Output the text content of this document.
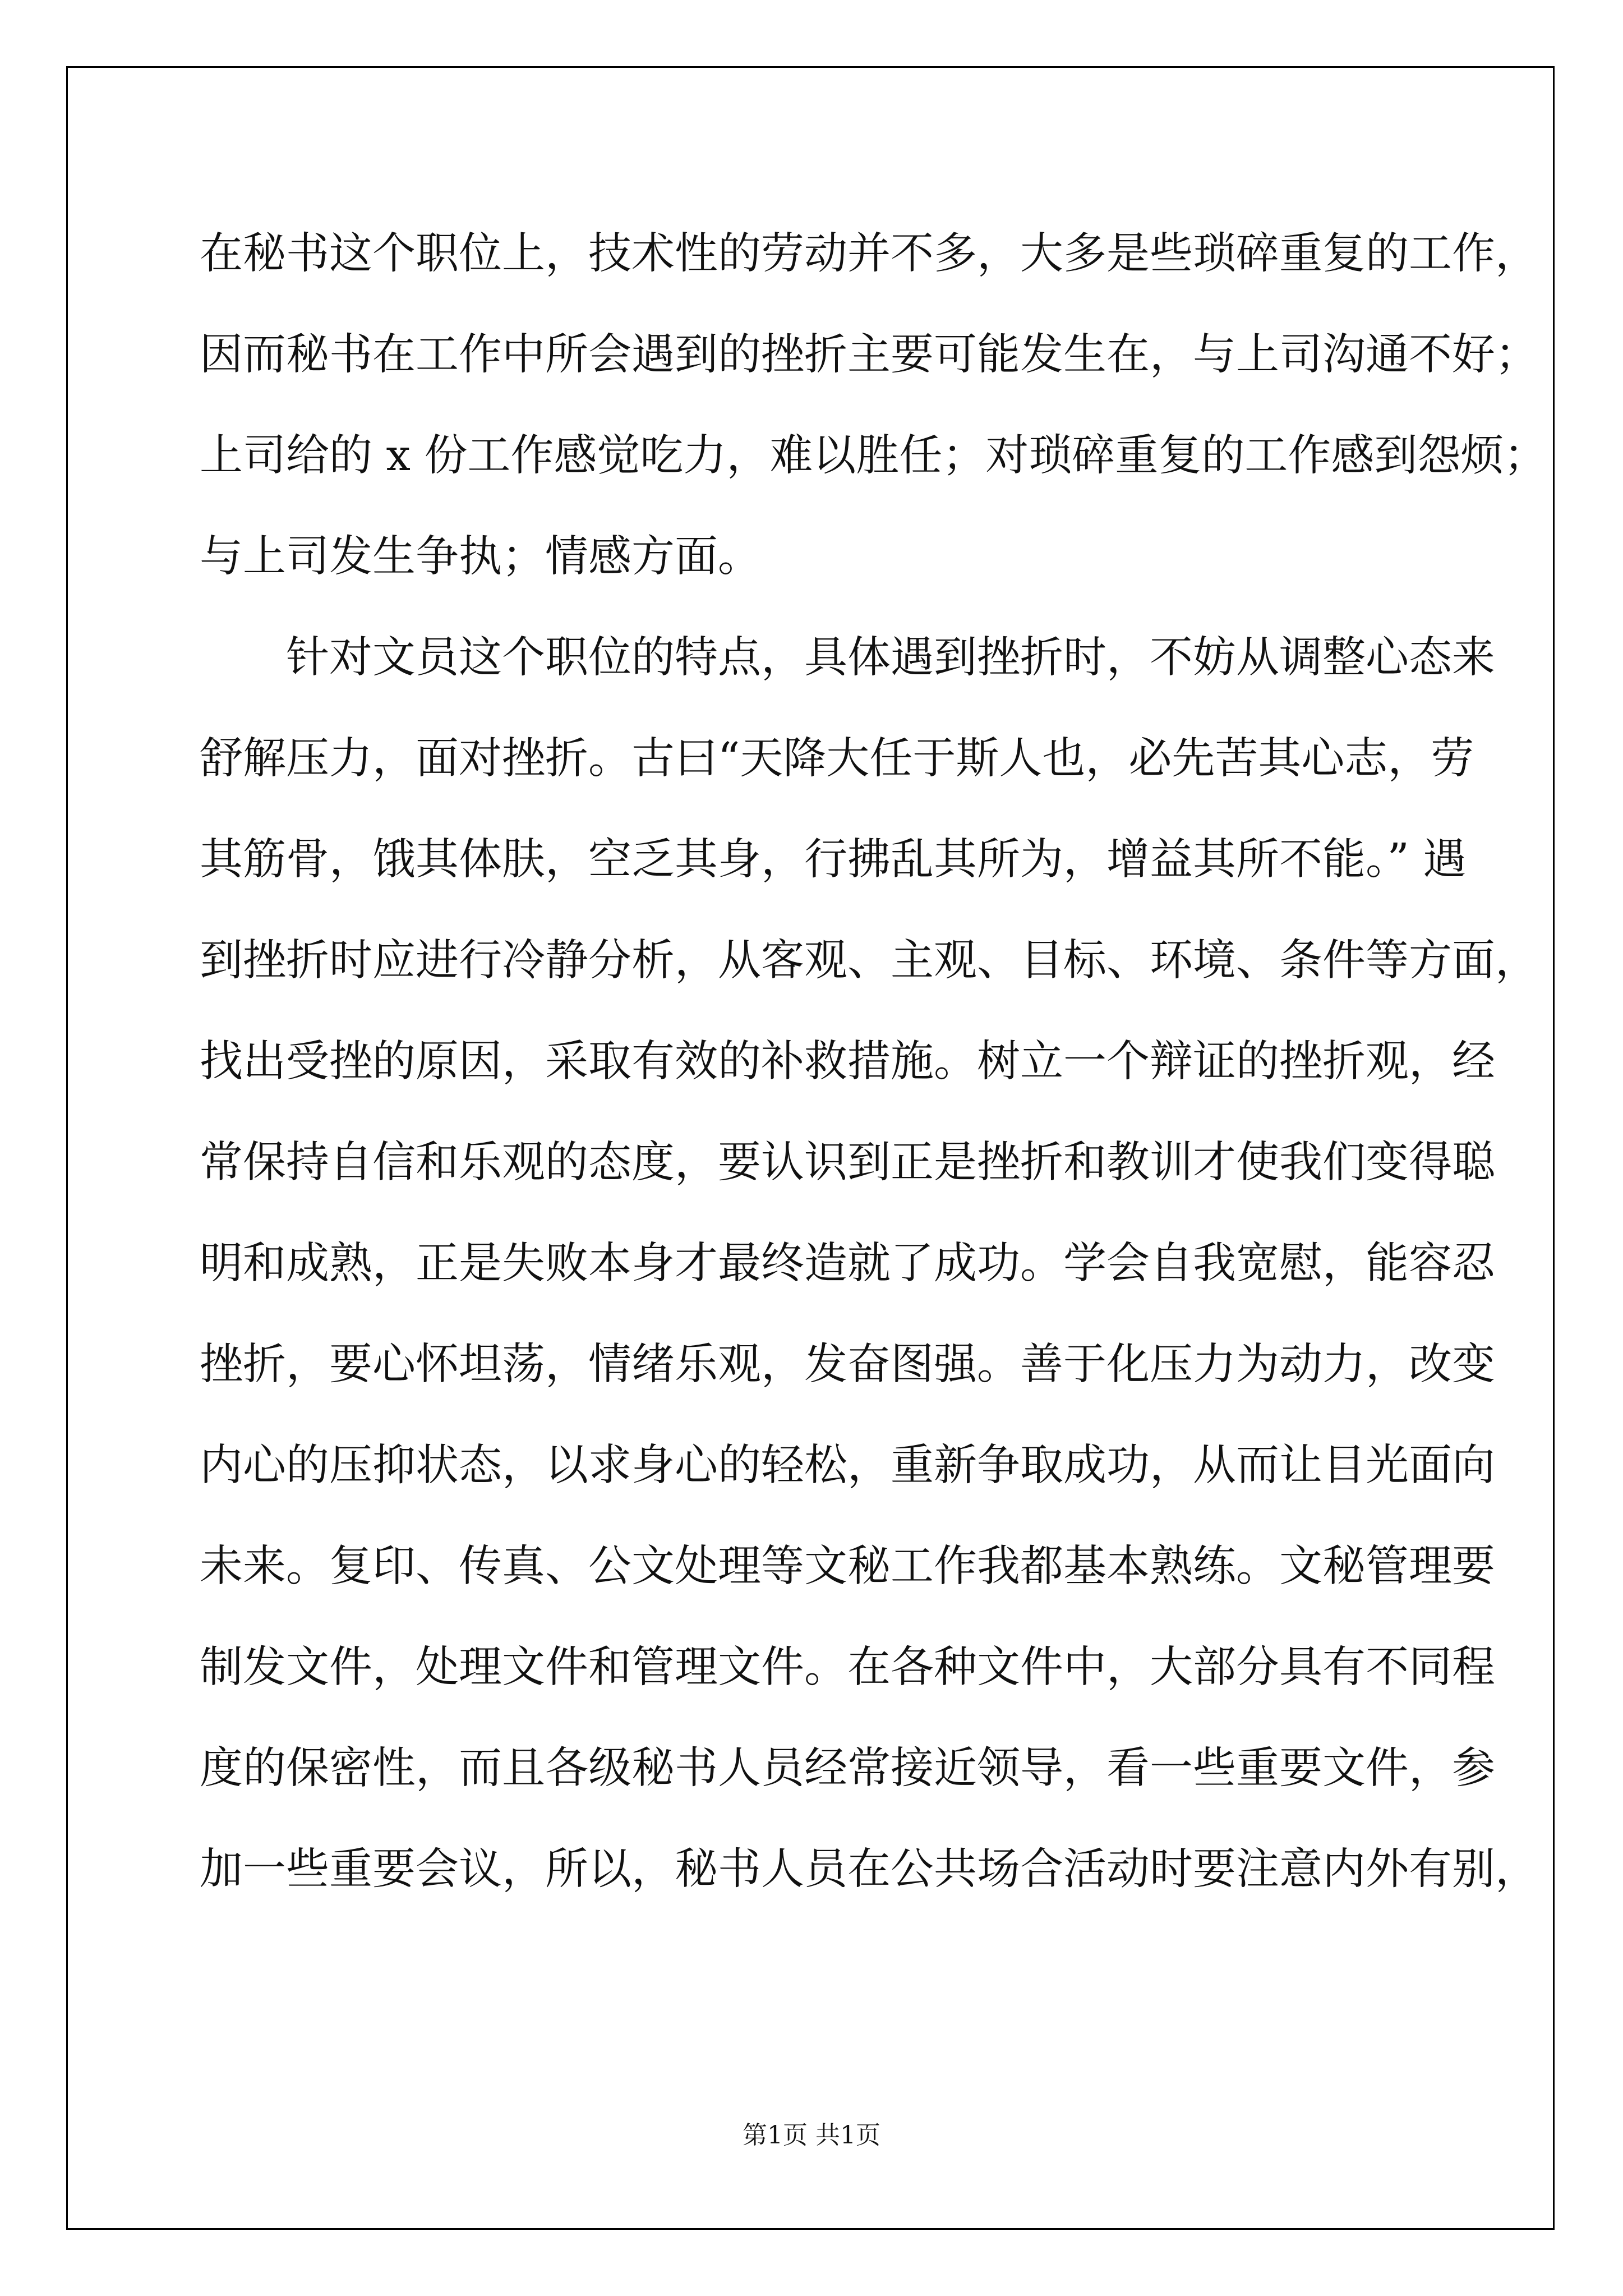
在秘书这个职位上，技术性的劳动并不多，大多是些琐碎重复的工作，
因而秘书在工作中所会遇到的挫折主要可能发生在，与上司沟通不好；
上司给的 x 份工作感觉吃力，难以胜任；对琐碎重复的工作感到怨烦；
与上司发生争执；情感方面。
针对文员这个职位的特点，具体遇到挫折时，不妨从调整心态来
舒解压力，面对挫折。古曰“天降大任于斯人也，必先苦其心志，劳
其筋骨，饿其体肤，空乏其身，行拂乱其所为，增益其所不能。” 遇
到挫折时应进行冷静分析，从客观、主观、目标、环境、条件等方面，
找出受挫的原因，采取有效的补救措施。树立一个辩证的挫折观，经
常保持自信和乐观的态度，要认识到正是挫折和教训才使我们变得聪
明和成熟，正是失败本身才最终造就了成功。学会自我宽慰，能容忍
挫折，要心怀坦荡，情绪乐观，发奋图强。善于化压力为动力，改变
内心的压抑状态，以求身心的轻松，重新争取成功，从而让目光面向
未来。复印、传真、公文处理等文秘工作我都基本熟练。文秘管理要
制发文件，处理文件和管理文件。在各种文件中，大部分具有不同程
度的保密性，而且各级秘书人员经常接近领导，看一些重要文件，参
加一些重要会议，所以，秘书人员在公共场合活动时要注意内外有别，
第1页 共1页
